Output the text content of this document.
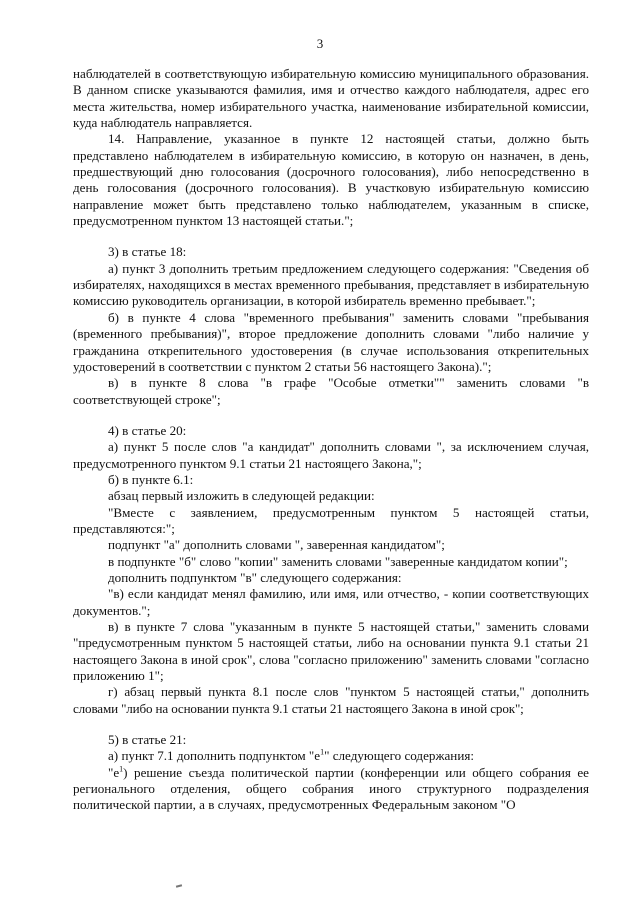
3

наблюдателей в соответствующую избирательную комиссию муниципального образования. В данном списке указываются фамилия, имя и отчество каждого наблюдателя, адрес его места жительства, номер избирательного участка, наименование избирательной комиссии, куда наблюдатель направляется.

14. Направление, указанное в пункте 12 настоящей статьи, должно быть представлено наблюдателем в избирательную комиссию, в которую он назначен, в день, предшествующий дню голосования (досрочного голосования), либо непосредственно в день голосования (досрочного голосования). В участковую избирательную комиссию направление может быть представлено только наблюдателем, указанным в списке, предусмотренном пунктом 13 настоящей статьи.";

3) в статье 18:

а) пункт 3 дополнить третьим предложением следующего содержания: "Сведения об избирателях, находящихся в местах временного пребывания, представляет в избирательную комиссию руководитель организации, в которой избиратель временно пребывает.";

б) в пункте 4 слова "временного пребывания" заменить словами "пребывания (временного пребывания)", второе предложение дополнить словами "либо наличие у гражданина открепительного удостоверения (в случае использования открепительных удостоверений в соответствии с пунктом 2 статьи 56 настоящего Закона).";

в) в пункте 8 слова "в графе "Особые отметки"" заменить словами "в соответствующей строке";

4) в статье 20:

а) пункт 5 после слов "а кандидат" дополнить словами ", за исключением случая, предусмотренного пунктом 9.1 статьи 21 настоящего Закона,";

б) в пункте 6.1:

абзац первый изложить в следующей редакции:

"Вместе с заявлением, предусмотренным пунктом 5 настоящей статьи, представляются:";

подпункт "а" дополнить словами ", заверенная кандидатом";

в подпункте "б" слово "копии" заменить словами "заверенные кандидатом копии";

дополнить подпунктом "в" следующего содержания:

"в) если кандидат менял фамилию, или имя, или отчество, - копии соответствующих документов.";

в) в пункте 7 слова "указанным в пункте 5 настоящей статьи," заменить словами "предусмотренным пунктом 5 настоящей статьи, либо на основании пункта 9.1 статьи 21 настоящего Закона в иной срок", слова "согласно приложению" заменить словами "согласно приложению 1";

г) абзац первый пункта 8.1 после слов "пунктом 5 настоящей статьи," дополнить словами "либо на основании пункта 9.1 статьи 21 настоящего Закона в иной срок";

5) в статье 21:

а) пункт 7.1 дополнить подпунктом "$е^1$" следующего содержания:

"$е^1$) решение съезда политической партии (конференции или общего собрания ее регионального отделения, общего собрания иного структурного подразделения политической партии, а в случаях, предусмотренных Федеральным законом "О
